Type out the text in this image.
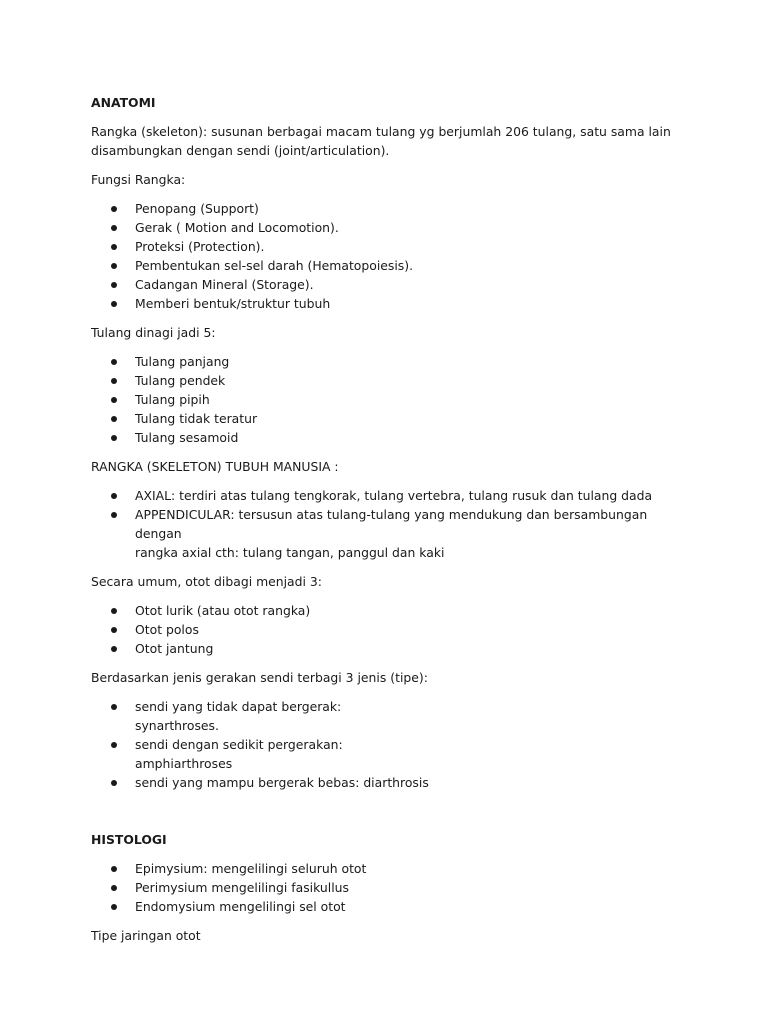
ANATOMI
Rangka (skeleton): susunan berbagai macam tulang yg berjumlah 206 tulang, satu sama lain
disambungkan dengan sendi (joint/articulation).
Fungsi Rangka:
Penopang (Support)
Gerak ( Motion and Locomotion).
Proteksi (Protection).
Pembentukan sel-sel darah (Hematopoiesis).
Cadangan Mineral (Storage).
Memberi bentuk/struktur tubuh
Tulang dinagi jadi 5:
Tulang panjang
Tulang pendek
Tulang pipih
Tulang tidak teratur
Tulang sesamoid
RANGKA (SKELETON) TUBUH MANUSIA :
AXIAL: terdiri atas tulang tengkorak, tulang vertebra, tulang rusuk dan tulang dada
APPENDICULAR: tersusun atas tulang-tulang yang mendukung dan bersambungan dengan
rangka axial cth: tulang tangan, panggul dan kaki
Secara umum, otot dibagi menjadi 3:
Otot lurik (atau otot rangka)
Otot polos
Otot jantung
Berdasarkan jenis gerakan sendi terbagi 3 jenis (tipe):
sendi yang tidak dapat bergerak:
synarthroses.
sendi dengan sedikit pergerakan:
amphiarthroses
sendi yang mampu bergerak bebas: diarthrosis
HISTOLOGI
Epimysium: mengelilingi seluruh otot
Perimysium mengelilingi fasikullus
Endomysium mengelilingi sel otot
Tipe jaringan otot
